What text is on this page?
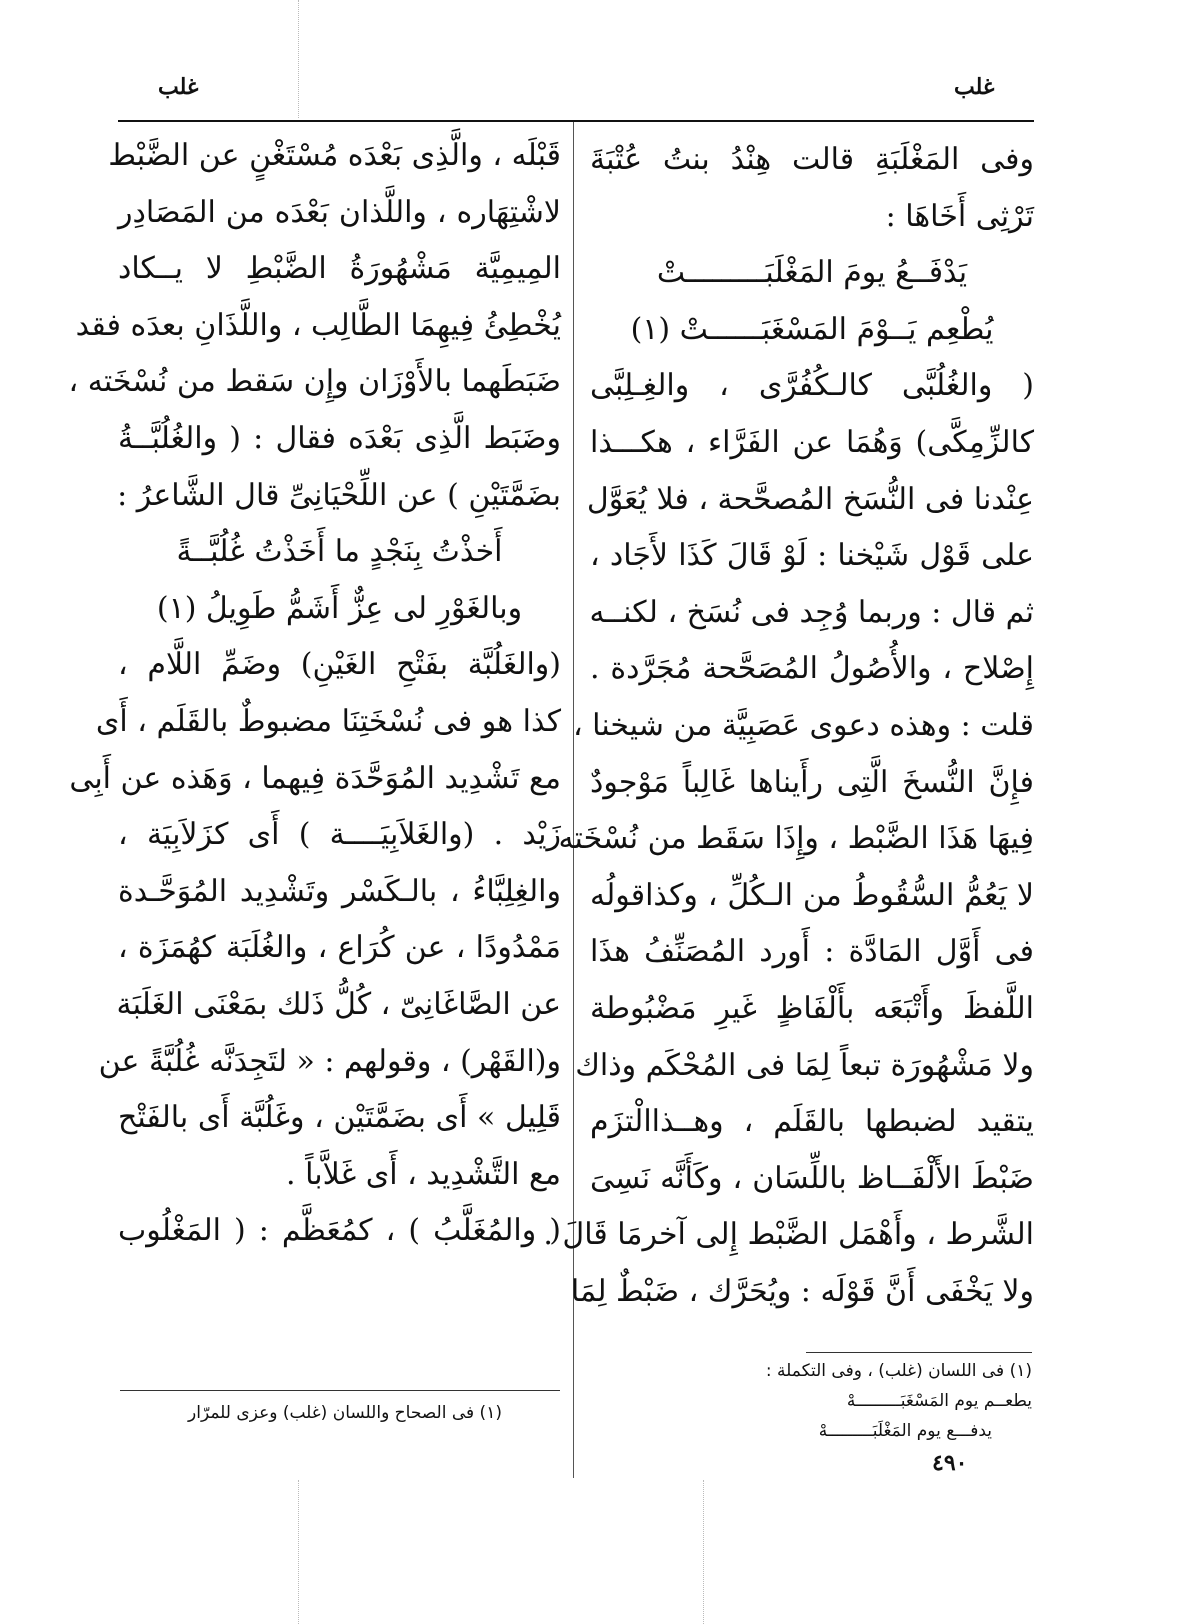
غلب
غلب
وفى المَغْلَبَةِ قالت هِنْدُ بنتُ عُتْبَةَ
تَرْثِى أَخَاهَا :
يَدْفَــعُ يومَ المَغْلَبَـــــــــتْ
يُطْعِم يَــوْمَ المَسْغَبَــــــتْ (١)
( والغُلُبَّى كالـكُفُرَّى ، والغِـلِبَّى
كالزِّمِكَّى) وَهُمَا عن الفَرَّاء ، هكـــذا
عِنْدنا فى النُّسَخ المُصحَّحة ، فلا يُعَوَّل
على قَوْل شَيْخنا : لَوْ قَالَ كَذَا لأَجَاد ،
ثم قال : وربما وُجِد فى نُسَخ ، لكنــه
إِصْلاح ، والأُصُولُ المُصَحَّحة مُجَرَّدة .
قلت : وهذه دعوى عَصَبِيَّة من شيخنا ،
فإِنَّ النُّسخَ الَّتِى رأَيناها غَالِباً مَوْجودٌ
فِيهَا هَذَا الضَّبْط ، وإِذَا سَقَط من نُسْخَته
لا يَعُمُّ السُّقُوطُ من الـكُلِّ ، وكذاقولُه
فى أَوَّل المَادَّة : أَورد المُصَنِّفُ هذَا
اللَّفظَ وأَتْبَعَه بأَلْفَاظٍ غَيرِ مَضْبُوطة
ولا مَشْهُورَة تبعاً لِمَا فى المُحْكَم وذاك
يتقيد لضبطها بالقَلَم ، وهــذاالْتزَم
ضَبْطَ الأَلْفَــاظ باللِّسَان ، وكَأَنَّه نَسِىَ
الشَّرط ، وأَهْمَل الضَّبْط إِلى آخرمَا قَالَ .
ولا يَخْفَى أَنَّ قَوْلَه : ويُحَرَّك ، ضَبْطٌ لِمَا
قَبْلَه ، والَّذِى بَعْدَه مُسْتَغْنٍ عن الضَّبْط
لاشْتِهَاره ، واللَّذان بَعْدَه من المَصَادِر
المِيمِيَّة مَشْهُورَةُ الضَّبْطِ لا يــكاد
يُخْطِئُ فِيهِمَا الطَّالِب ، واللَّذَانِ بعدَه فقد
ضَبَطَهما بالأَوْزَان وإِن سَقط من نُسْخَته ،
وضَبَط الَّذِى بَعْدَه فقال : ( والغُلُبَّــةُ
بضَمَّتَيْنِ ) عن اللِّحْيَانِىِّ قال الشَّاعرُ :
أَخذْتُ بِنَجْدٍ ما أَخَذْتُ غُلُبَّــةً
وبالغَوْرِ لى عِزٌّ أَشَمُّ طَوِيلُ (١)
(والغَلُبَّة بفَتْحِ الغَيْنِ) وضَمِّ اللَّام ،
كذا هو فى نُسْخَتِنَا مضبوطٌ بالقَلَم ، أَى
مع تَشْدِيد المُوَحَّدَة فِيهما ، وَهَذه عن أَبِى
زَيْد . (والغَلاَبِيَــــة ) أَى كزَلاَبِيَة ،
والغِلِبَّاءُ ، بالـكَسْر وتَشْدِيد المُوَحَّـدة
مَمْدُودًا ، عن كُرَاع ، والغُلَبَة كهُمَزَة ،
عن الصَّاغَانِىّ ، كُلُّ ذَلك بمَعْنَى الغَلَبَة
و(القَهْر) ، وقولهم : « لتَجِدَنَّه غُلُبَّةً عن
قَلِيل » أَى بضَمَّتَيْن ، وغَلُبَّة أَى بالفَتْح
مع التَّشْدِيد ، أَى غَلاَّباً .
( والمُغَلَّبُ ) ، كمُعَظَّم : ( المَغْلُوب
(١) فى اللسان (غلب) ، وفى التكملة :
يطعــم يوم المَسْغَبَـــــــــهْ
يدفـــع يوم المَغْلَبَـــــــــهْ
(١) فى الصحاح واللسان (غلب) وعزى للمرّار
٤٩٠
